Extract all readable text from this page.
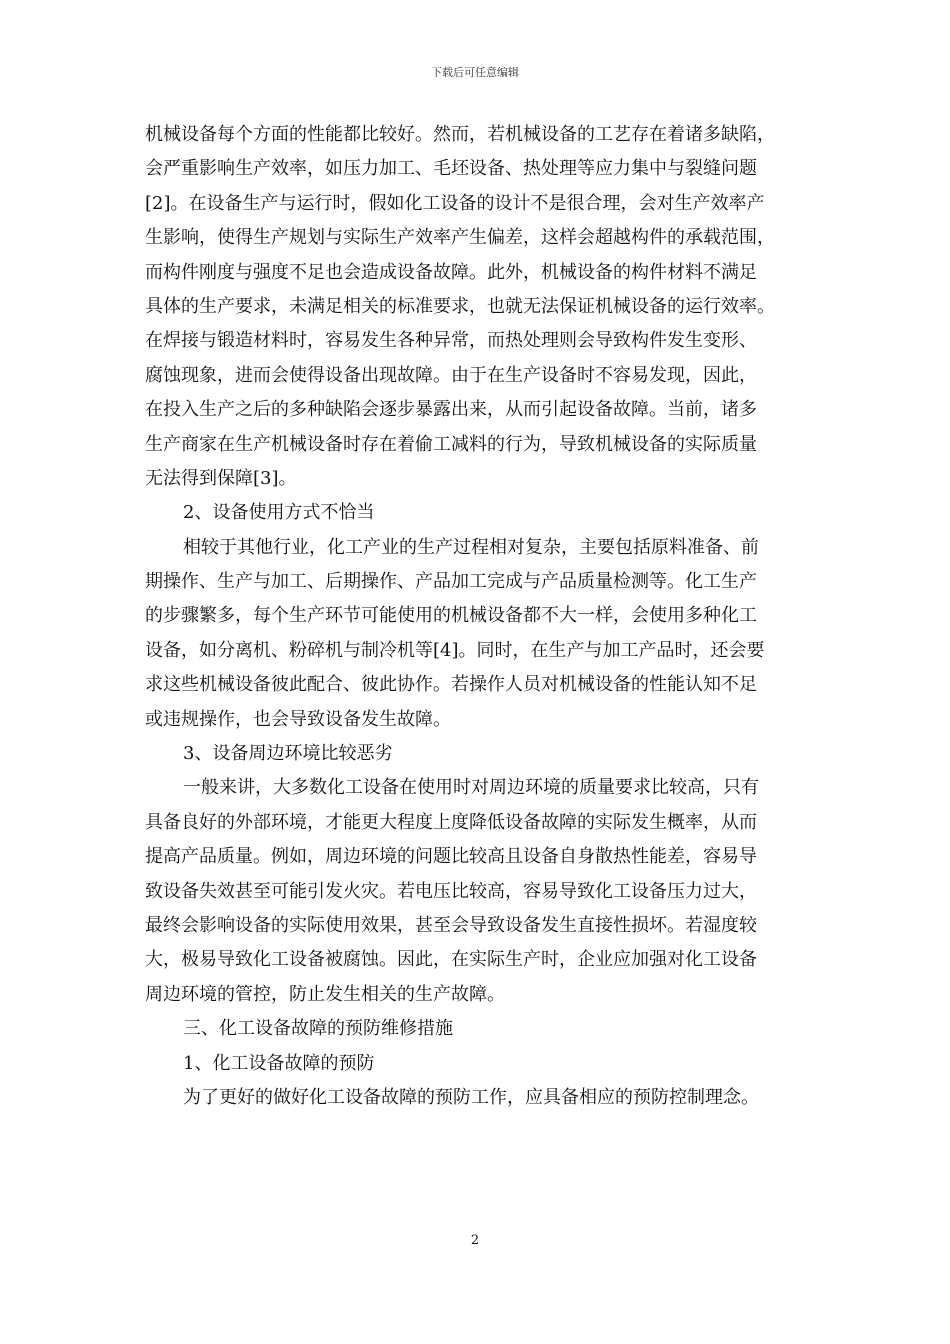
下载后可任意编辑
机械设备每个方面的性能都比较好。然而，若机械设备的工艺存在着诸多缺陷，
会严重影响生产效率，如压力加工、毛坯设备、热处理等应力集中与裂缝问题
[2]。在设备生产与运行时，假如化工设备的设计不是很合理，会对生产效率产
生影响，使得生产规划与实际生产效率产生偏差，这样会超越构件的承载范围，
而构件刚度与强度不足也会造成设备故障。此外，机械设备的构件材料不满足
具体的生产要求，未满足相关的标准要求，也就无法保证机械设备的运行效率。
在焊接与锻造材料时，容易发生各种异常，而热处理则会导致构件发生变形、
腐蚀现象，进而会使得设备出现故障。由于在生产设备时不容易发现，因此，
在投入生产之后的多种缺陷会逐步暴露出来，从而引起设备故障。当前，诸多
生产商家在生产机械设备时存在着偷工减料的行为，导致机械设备的实际质量
无法得到保障[3]。
2、设备使用方式不恰当
相较于其他行业，化工产业的生产过程相对复杂，主要包括原料准备、前
期操作、生产与加工、后期操作、产品加工完成与产品质量检测等。化工生产
的步骤繁多，每个生产环节可能使用的机械设备都不大一样，会使用多种化工
设备，如分离机、粉碎机与制冷机等[4]。同时，在生产与加工产品时，还会要
求这些机械设备彼此配合、彼此协作。若操作人员对机械设备的性能认知不足
或违规操作，也会导致设备发生故障。
3、设备周边环境比较恶劣
一般来讲，大多数化工设备在使用时对周边环境的质量要求比较高，只有
具备良好的外部环境，才能更大程度上度降低设备故障的实际发生概率，从而
提高产品质量。例如，周边环境的问题比较高且设备自身散热性能差，容易导
致设备失效甚至可能引发火灾。若电压比较高，容易导致化工设备压力过大，
最终会影响设备的实际使用效果，甚至会导致设备发生直接性损坏。若湿度较
大，极易导致化工设备被腐蚀。因此，在实际生产时，企业应加强对化工设备
周边环境的管控，防止发生相关的生产故障。
三、化工设备故障的预防维修措施
1、化工设备故障的预防
为了更好的做好化工设备故障的预防工作，应具备相应的预防控制理念。
2
